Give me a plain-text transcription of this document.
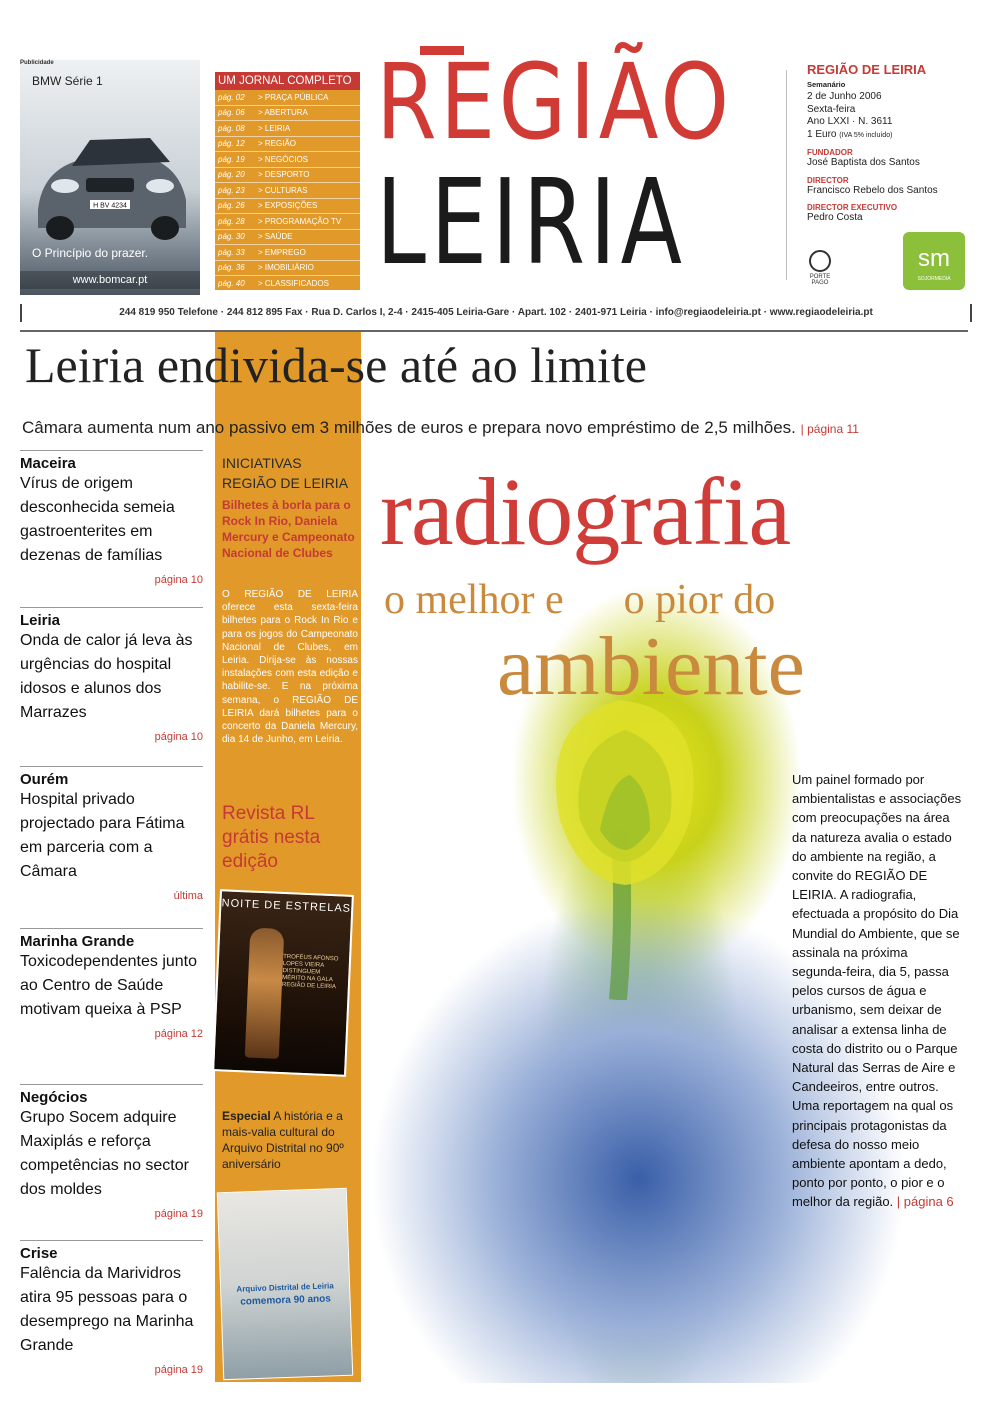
BMW Série 1
H BV 4234
O Princípio do prazer.
www.bomcar.pt
Publicidade
UM JORNAL COMPLETO
pág. 02	> PRAÇA PÚBLICA
pág. 06	> ABERTURA
pág. 08	> LEIRIA
pág. 12	> REGIÃO
pág. 19	> NEGÓCIOS
pág. 20	> DESPORTO
pág. 23	> CULTURAS
pág. 26	> EXPOSIÇÕES
pág. 28	> PROGRAMAÇÃO TV
pág. 30	> SAÚDE
pág. 33	> EMPREGO
pág. 36	> IMOBILIÁRIO
pág. 40	> CLASSIFICADOS
pág. 44	> ÚLTIMA
REGIÃO
LEIRIA
REGIÃO DE LEIRIA
Semanário
2 de Junho 2006
Sexta-feira
Ano LXXI · N. 3611
1 Euro (IVA 5% incluído)
FUNDADOR
José Baptista dos Santos
DIRECTOR
Francisco Rebelo dos Santos
DIRECTOR EXECUTIVO
Pedro Costa
PORTE PAGO
sm
SOJORMEDIA
244 819 950 Telefone · 244 812 895 Fax · Rua D. Carlos I, 2-4 · 2415-405 Leiria-Gare · Apart. 102 · 2401-971 Leiria · info@regiaodeleiria.pt · www.regiaodeleiria.pt
Leiria endivida-se até ao limite
Câmara aumenta num ano passivo em 3 milhões de euros e prepara novo empréstimo de 2,5 milhões. | página 11
Maceira
Vírus de origem desconhecida semeia gastroenterites em dezenas de famílias
página 10
Leiria
Onda de calor já leva às urgências do hospital idosos e alunos dos Marrazes
página 10
Ourém
Hospital privado projectado para Fátima em parceria com a Câmara
última
Marinha Grande
Toxicodependentes junto ao Centro de Saúde motivam queixa à PSP
página 12
Negócios
Grupo Socem adquire Maxiplás e reforça competências no sector dos moldes
página 19
Crise
Falência da Marividros atira 95 pessoas para o desemprego na Marinha Grande
página 19
INICIATIVAS
REGIÃO DE LEIRIA
Bilhetes à borla para o Rock In Rio, Daniela Mercury e Campeonato Nacional de Clubes
O REGIÃO DE LEIRIA oferece esta sexta-feira bilhetes para o Rock In Rio e para os jogos do Campeonato Nacional de Clubes, em Leiria. Dirija-se às nossas instalações com esta edição e habilite-se. E na próxima semana, o REGIÃO DE LEIRIA dará bilhetes para o concerto da Daniela Mercury, dia 14 de Junho, em Leiria.
Revista RL grátis nesta edição
NOITE DE ESTRELAS
TROFÉUS AFONSO LOPES VIEIRA DISTINGUEM MÉRITO NA GALA REGIÃO DE LEIRIA
Especial A história e a mais-valia cultural do Arquivo Distrital no 90º aniversário
Arquivo Distrital de Leiria
comemora 90 anos
radiografia
o melhor e o pior do
ambiente
Um painel formado por ambientalistas e associações com preocupações na área da natureza avalia o estado do ambiente na região, a convite do REGIÃO DE LEIRIA. A radiografia, efectuada a propósito do Dia Mundial do Ambiente, que se assinala na próxima segunda-feira, dia 5, passa pelos cursos de água e urbanismo, sem deixar de analisar a extensa linha de costa do distrito ou o Parque Natural das Serras de Aire e Candeeiros, entre outros. Uma reportagem na qual os principais protagonistas da defesa do nosso meio ambiente apontam a dedo, ponto por ponto, o pior e o melhor da região. | página 6
